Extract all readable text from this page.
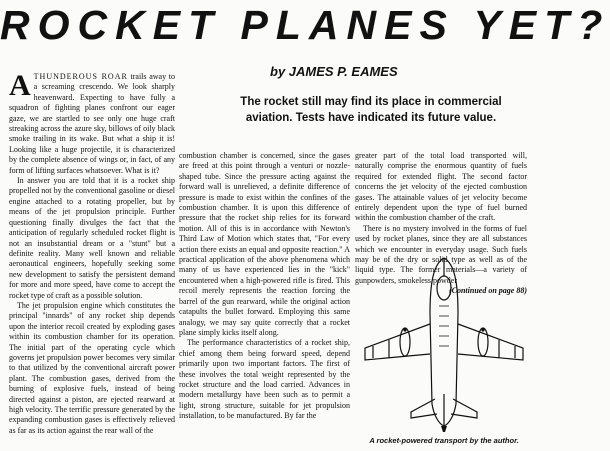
ROCKET PLANES YET?
by JAMES P. EAMES
The rocket still may find its place in commercial aviation. Tests have indicated its future value.

ATHUNDEROUS ROAR trails away to a screaming crescendo. We look sharply heavenward. Expecting to have fully a squadron of fighting planes confront our eager gaze, we are startled to see only one huge craft streaking across the azure sky, billows of oily black smoke trailing in its wake. But what a ship it is! Looking like a huge projectile, it is characterized by the complete absence of wings or, in fact, of any form of lifting surfaces whatsoever. What is it?

In answer you are told that it is a rocket ship propelled not by the conventional gasoline or diesel engine attached to a rotating propeller, but by means of the jet propulsion principle. Further questioning finally divulges the fact that the anticipation of regularly scheduled rocket flight is not an insubstantial dream or a "stunt" but a definite reality. Many well known and reliable aeronautical engineers, hopefully seeking some new development to satisfy the persistent demand for more and more speed, have come to accept the rocket type of craft as a possible solution.

The jet propulsion engine which constitutes the principal "innards" of any rocket ship depends upon the interior recoil created by exploding gases within its combustion chamber for its operation. The initial part of the operating cycle which governs jet propulsion power becomes very similar to that utilized by the conventional aircraft power plant. The combustion gases, derived from the burning of explosive fuels, instead of being directed against a piston, are ejected rearward at high velocity. The terrific pressure generated by the expanding combustion gases is effectively relieved as far as its action against the rear wall of the

combustion chamber is concerned, since the gases are freed at this point through a venturi or nozzle-shaped tube. Since the pressure acting against the forward wall is unrelieved, a definite difference of pressure is made to exist within the confines of the combustion chamber. It is upon this difference of pressure that the rocket ship relies for its forward motion. All of this is in accordance with Newton's Third Law of Motion which states that, "For every action there exists an equal and opposite reaction." A practical application of the above phenomena which many of us have experienced lies in the "kick" encountered when a high-powered rifle is fired. This recoil merely represents the reaction forcing the barrel of the gun rearward, while the original action catapults the bullet forward. Employing this same analogy, we may say quite correctly that a rocket plane simply kicks itself along.

The performance characteristics of a rocket ship, chief among them being forward speed, depend primarily upon two important factors. The first of these involves the total weight represented by the rocket structure and the load carried. Advances in modern metallurgy have been such as to permit a light, strong structure, suitable for jet propulsion installation, to be manufactured. By far the

greater part of the total load transported will, naturally comprise the enormous quantity of fuels required for extended flight. The second factor concerns the jet velocity of the ejected combustion gases. The attainable values of jet velocity become entirely dependent upon the type of fuel burned within the combustion chamber of the craft.

There is no mystery involved in the forms of fuel used by rocket planes, since they are all substances which we encounter in everyday usage. Such fuels may be of the dry or solid type as well as of the liquid type. The former materials—a variety of gunpowders, smokeless powder

(Continued on page 88)
A rocket-powered transport by the author.
